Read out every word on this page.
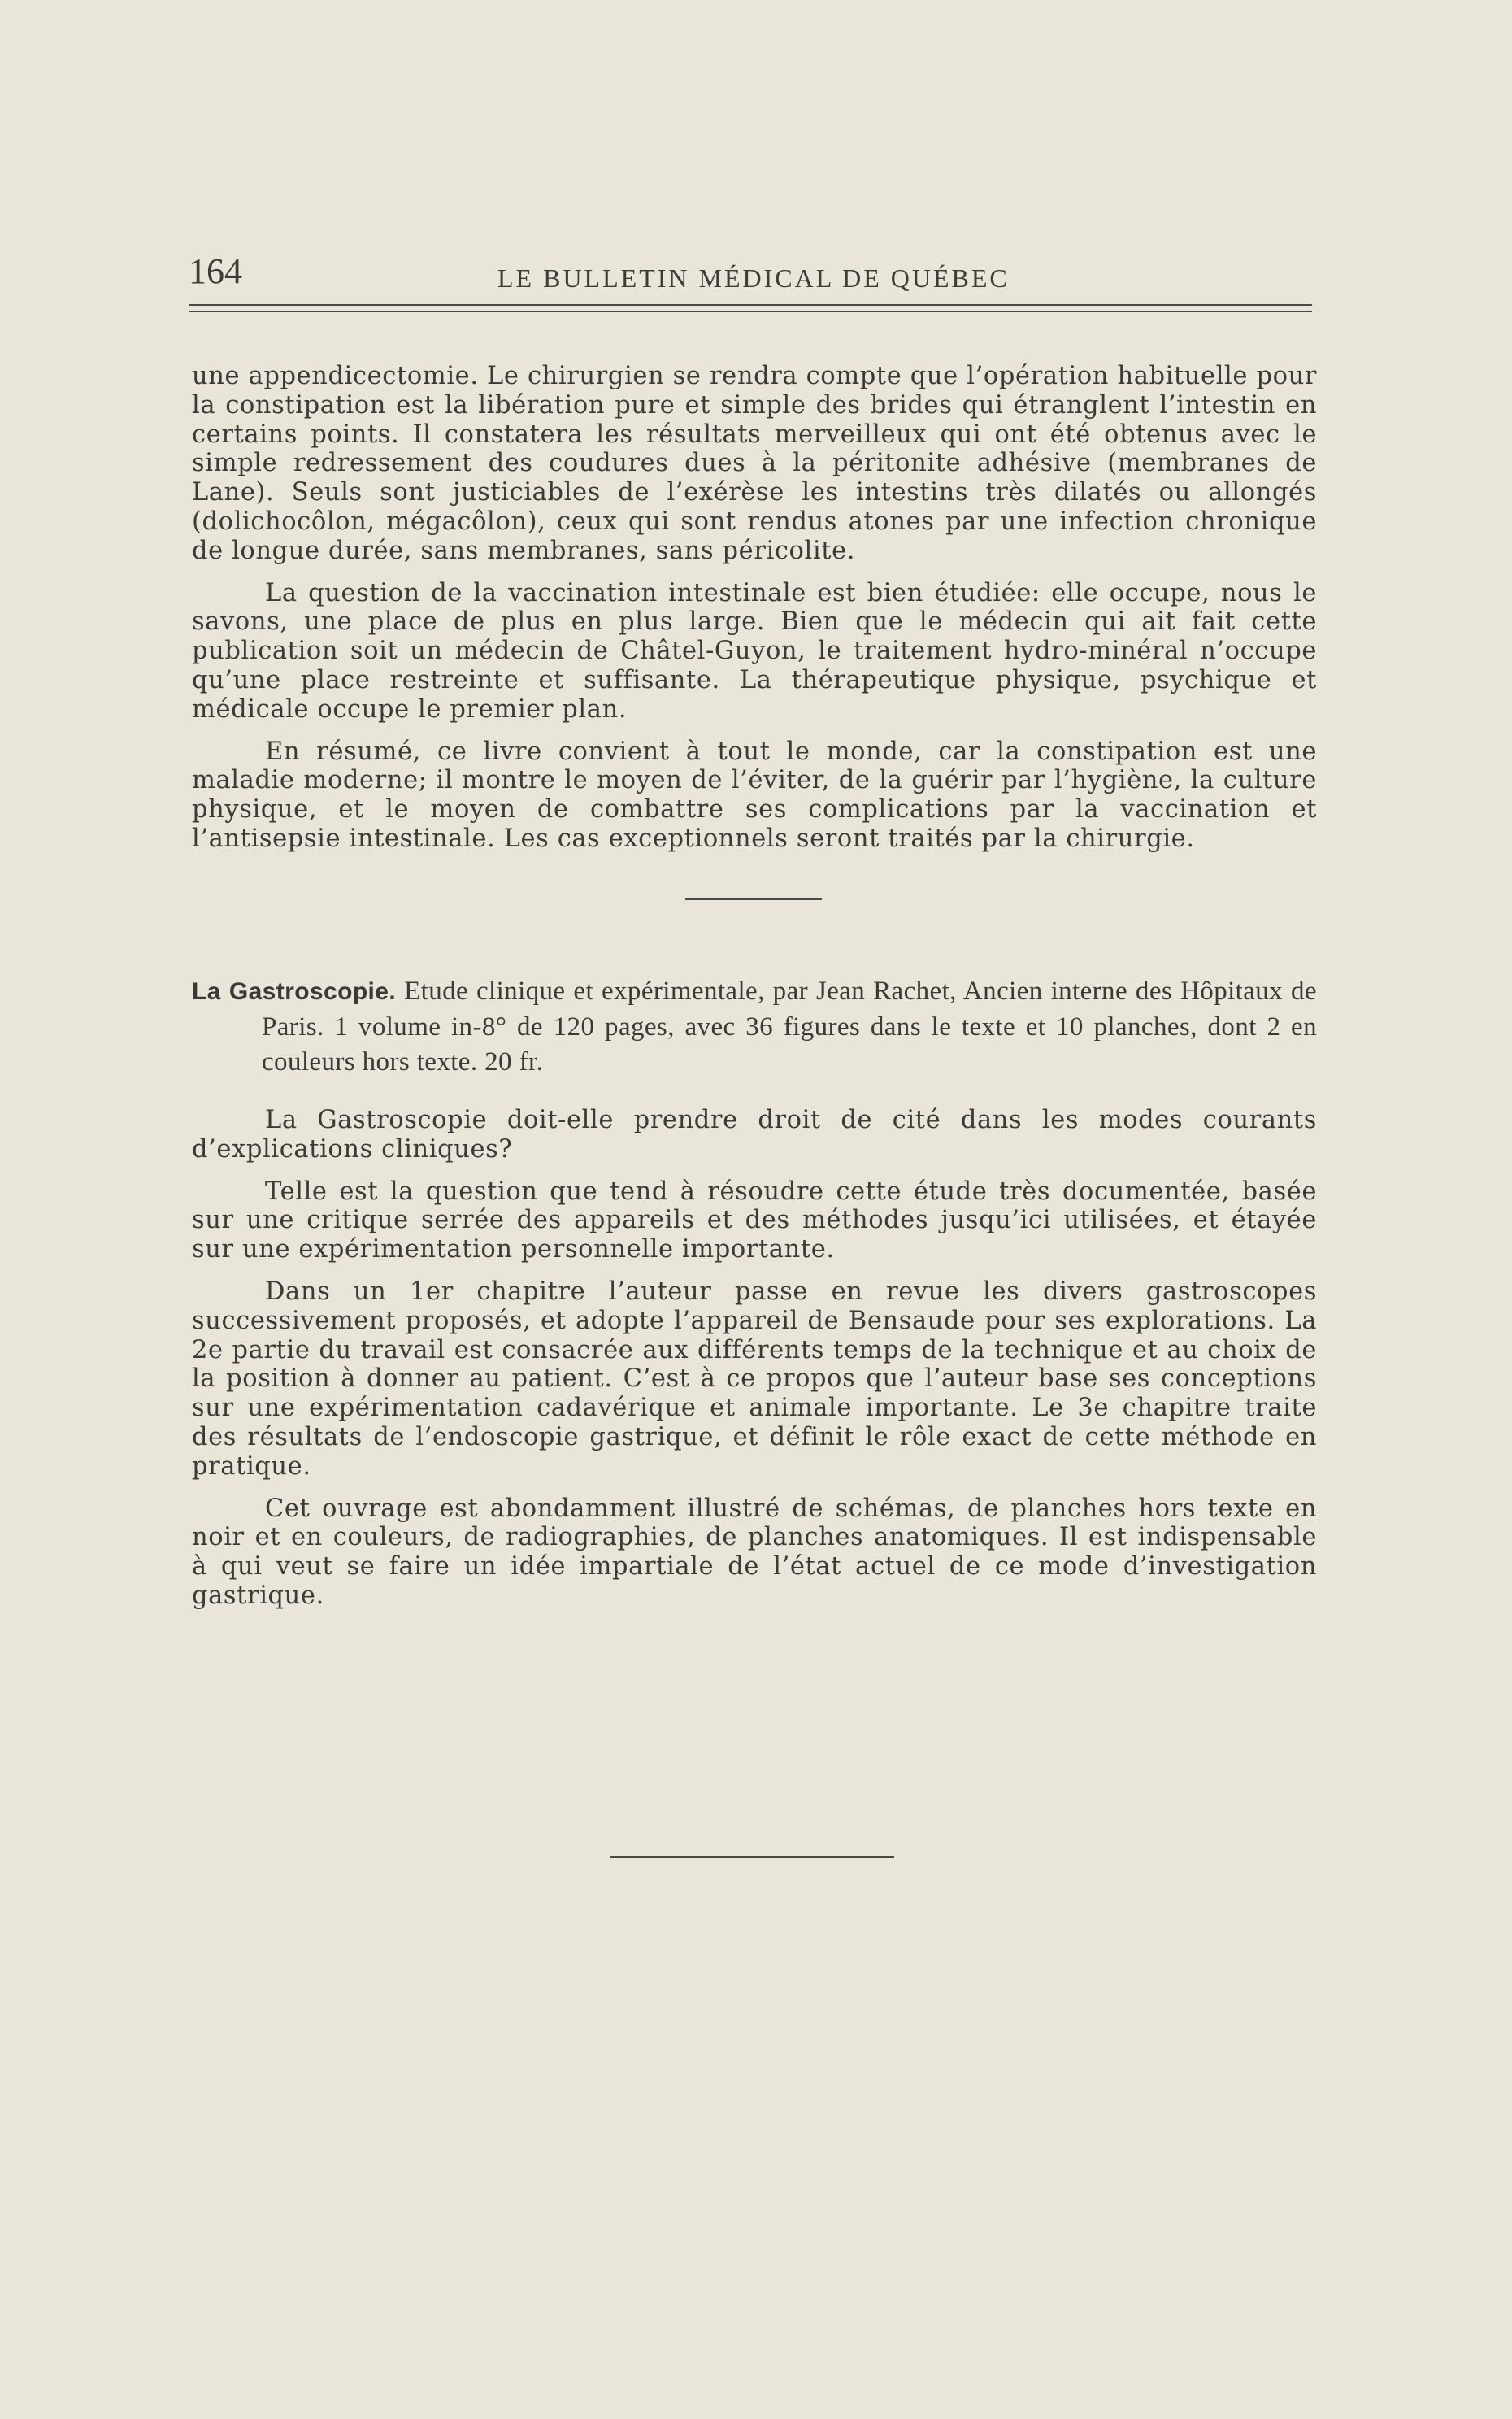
164	LE BULLETIN MÉDICAL DE QUÉBEC

une appendicectomie. Le chirurgien se rendra compte que l’opération habituelle pour la constipation est la libération pure et simple des brides qui étranglent l’intestin en certains points. Il constatera les résultats merveilleux qui ont été obtenus avec le simple redressement des coudures dues à la péritonite adhésive (membranes de Lane). Seuls sont justiciables de l’exérèse les intestins très dilatés ou allongés (dolichocôlon, mégacôlon), ceux qui sont rendus atones par une infection chronique de longue durée, sans membranes, sans péricolite.

La question de la vaccination intestinale est bien étudiée: elle occupe, nous le savons, une place de plus en plus large. Bien que le médecin qui ait fait cette publication soit un médecin de Châtel-Guyon, le traitement hydro-minéral n’occupe qu’une place restreinte et suffisante. La thérapeutique physique, psychique et médicale occupe le premier plan.

En résumé, ce livre convient à tout le monde, car la constipation est une maladie moderne; il montre le moyen de l’éviter, de la guérir par l’hygiène, la culture physique, et le moyen de combattre ses complications par la vaccination et l’antisepsie intestinale. Les cas exceptionnels seront traités par la chirurgie.

La Gastroscopie. Etude clinique et expérimentale, par Jean Rachet, Ancien interne des Hôpitaux de Paris. 1 volume in-8° de 120 pages, avec 36 figures dans le texte et 10 planches, dont 2 en couleurs hors texte. 20 fr.

La Gastroscopie doit-elle prendre droit de cité dans les modes courants d’explications cliniques?

Telle est la question que tend à résoudre cette étude très documentée, basée sur une critique serrée des appareils et des méthodes jusqu’ici utilisées, et étayée sur une expérimentation personnelle importante.

Dans un 1er chapitre l’auteur passe en revue les divers gastroscopes successivement proposés, et adopte l’appareil de Bensaude pour ses explorations. La 2e partie du travail est consacrée aux différents temps de la technique et au choix de la position à donner au patient. C’est à ce propos que l’auteur base ses conceptions sur une expérimentation cadavérique et animale importante. Le 3e chapitre traite des résultats de l’endoscopie gastrique, et définit le rôle exact de cette méthode en pratique.

Cet ouvrage est abondamment illustré de schémas, de planches hors texte en noir et en couleurs, de radiographies, de planches anatomiques. Il est indispensable à qui veut se faire un idée impartiale de l’état actuel de ce mode d’investigation gastrique.
